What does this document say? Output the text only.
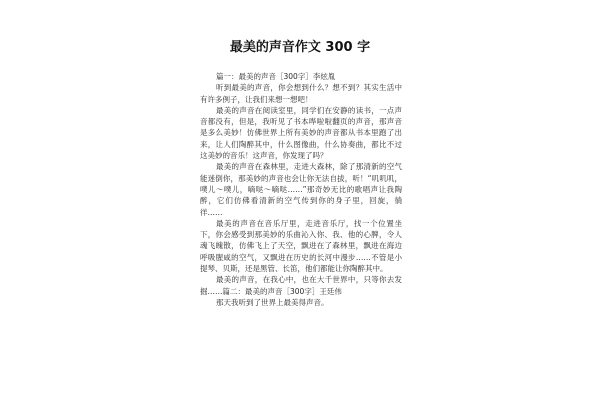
最美的声音作文 300 字

篇一：最美的声音［300字］李炫胤

听到最美的声音，你会想到什么？想不到？其实生活中有许多例子，让我们来想一想吧！

最美的声音在阅读室里，同学们在安静的读书，一点声音都没有，但是，我听见了书本哗啦啦翻页的声音，那声音是多么美妙！仿佛世界上所有美妙的声音都从书本里跑了出来，让人们陶醉其中，什么图像曲，什么协奏曲，都比不过这美妙的音乐！这声音，你发现了吗？

最美的声音在森林里，走进大森林，除了那清新的空气能迷倒你，那美妙的声音也会让你无法自拔，听！“叽叽叽，噗儿～噗儿，嘀哒～嘀哒……”那奇妙无比的歌唱声让我陶醉，它们仿佛看清新的空气传到你的身子里，回旋，徜徉……

最美的声音在音乐厅里，走进音乐厅，找一个位置坐下，你会感受到那美妙的乐曲沁入你、我、他的心脾，令人魂飞魄散，仿佛飞上了天空，飘进在了森林里，飘进在海边呼吸腥咸的空气，又飘进在历史的长河中漫步……不管是小提琴、贝斯，还是黑管、长笛，他们都能让你陶醉其中。

最美的声音，在我心中，也在大千世界中，只等你去发掘……篇二：最美的声音［300字］王廷伟

那天我听到了世界上最美得声音。
